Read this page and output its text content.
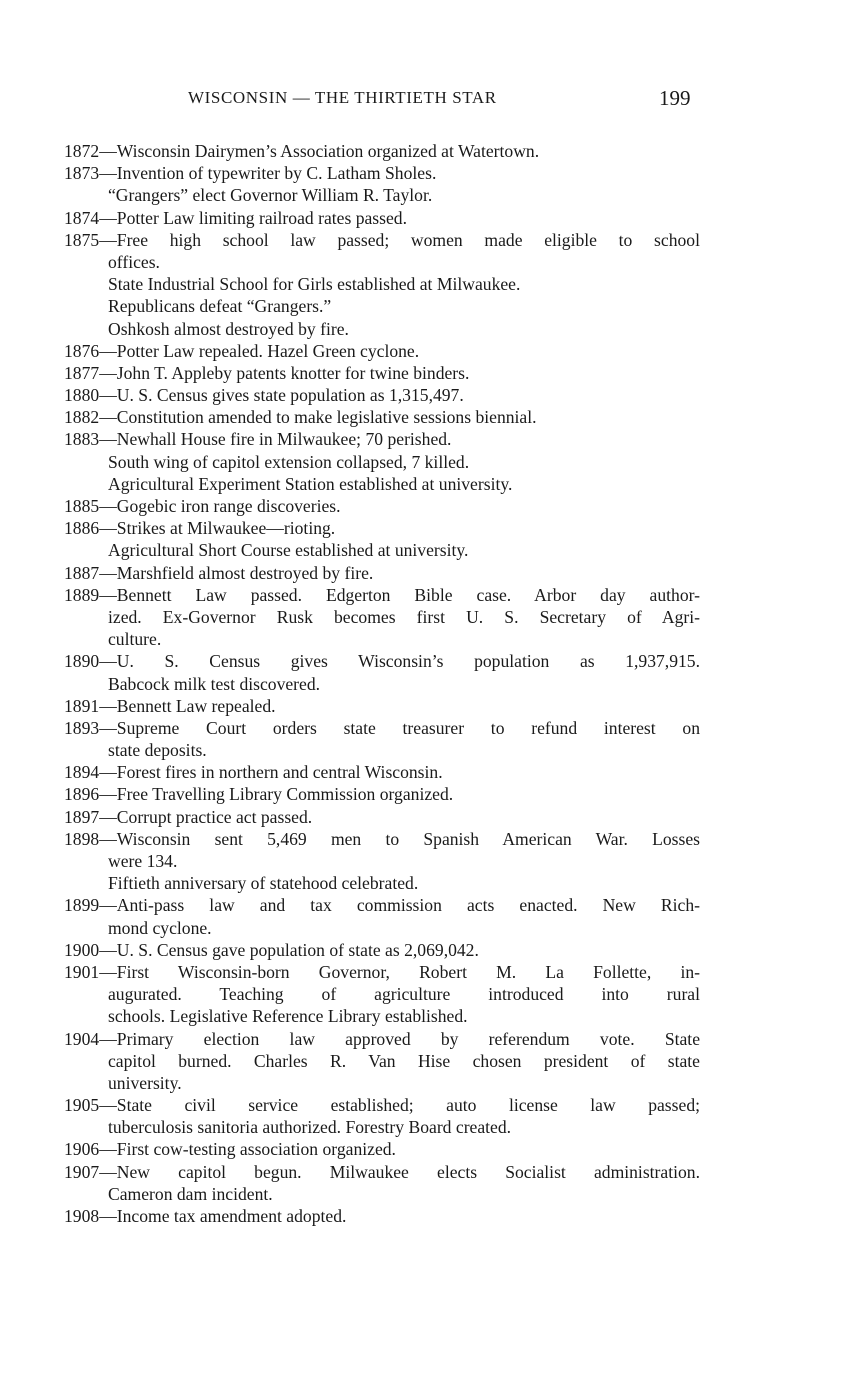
WISCONSIN — THE THIRTIETH STAR	199
1872—Wisconsin Dairymen’s Association organized at Watertown.
1873—Invention of typewriter by C. Latham Sholes.
“Grangers” elect Governor William R. Taylor.
1874—Potter Law limiting railroad rates passed.
1875—Free high school law passed; women made eligible to school
offices.
State Industrial School for Girls established at Milwaukee.
Republicans defeat “Grangers.”
Oshkosh almost destroyed by fire.
1876—Potter Law repealed. Hazel Green cyclone.
1877—John T. Appleby patents knotter for twine binders.
1880—U. S. Census gives state population as 1,315,497.
1882—Constitution amended to make legislative sessions biennial.
1883—Newhall House fire in Milwaukee; 70 perished.
South wing of capitol extension collapsed, 7 killed.
Agricultural Experiment Station established at university.
1885—Gogebic iron range discoveries.
1886—Strikes at Milwaukee—rioting.
Agricultural Short Course established at university.
1887—Marshfield almost destroyed by fire.
1889—Bennett Law passed. Edgerton Bible case. Arbor day author-
ized. Ex-Governor Rusk becomes first U. S. Secretary of Agri-
culture.
1890—U. S. Census gives Wisconsin’s population as 1,937,915.
Babcock milk test discovered.
1891—Bennett Law repealed.
1893—Supreme Court orders state treasurer to refund interest on
state deposits.
1894—Forest fires in northern and central Wisconsin.
1896—Free Travelling Library Commission organized.
1897—Corrupt practice act passed.
1898—Wisconsin sent 5,469 men to Spanish American War. Losses
were 134.
Fiftieth anniversary of statehood celebrated.
1899—Anti-pass law and tax commission acts enacted. New Rich-
mond cyclone.
1900—U. S. Census gave population of state as 2,069,042.
1901—First Wisconsin-born Governor, Robert M. La Follette, in-
augurated. Teaching of agriculture introduced into rural
schools. Legislative Reference Library established.
1904—Primary election law approved by referendum vote. State
capitol burned. Charles R. Van Hise chosen president of state
university.
1905—State civil service established; auto license law passed;
tuberculosis sanitoria authorized. Forestry Board created.
1906—First cow-testing association organized.
1907—New capitol begun. Milwaukee elects Socialist administration.
Cameron dam incident.
1908—Income tax amendment adopted.
